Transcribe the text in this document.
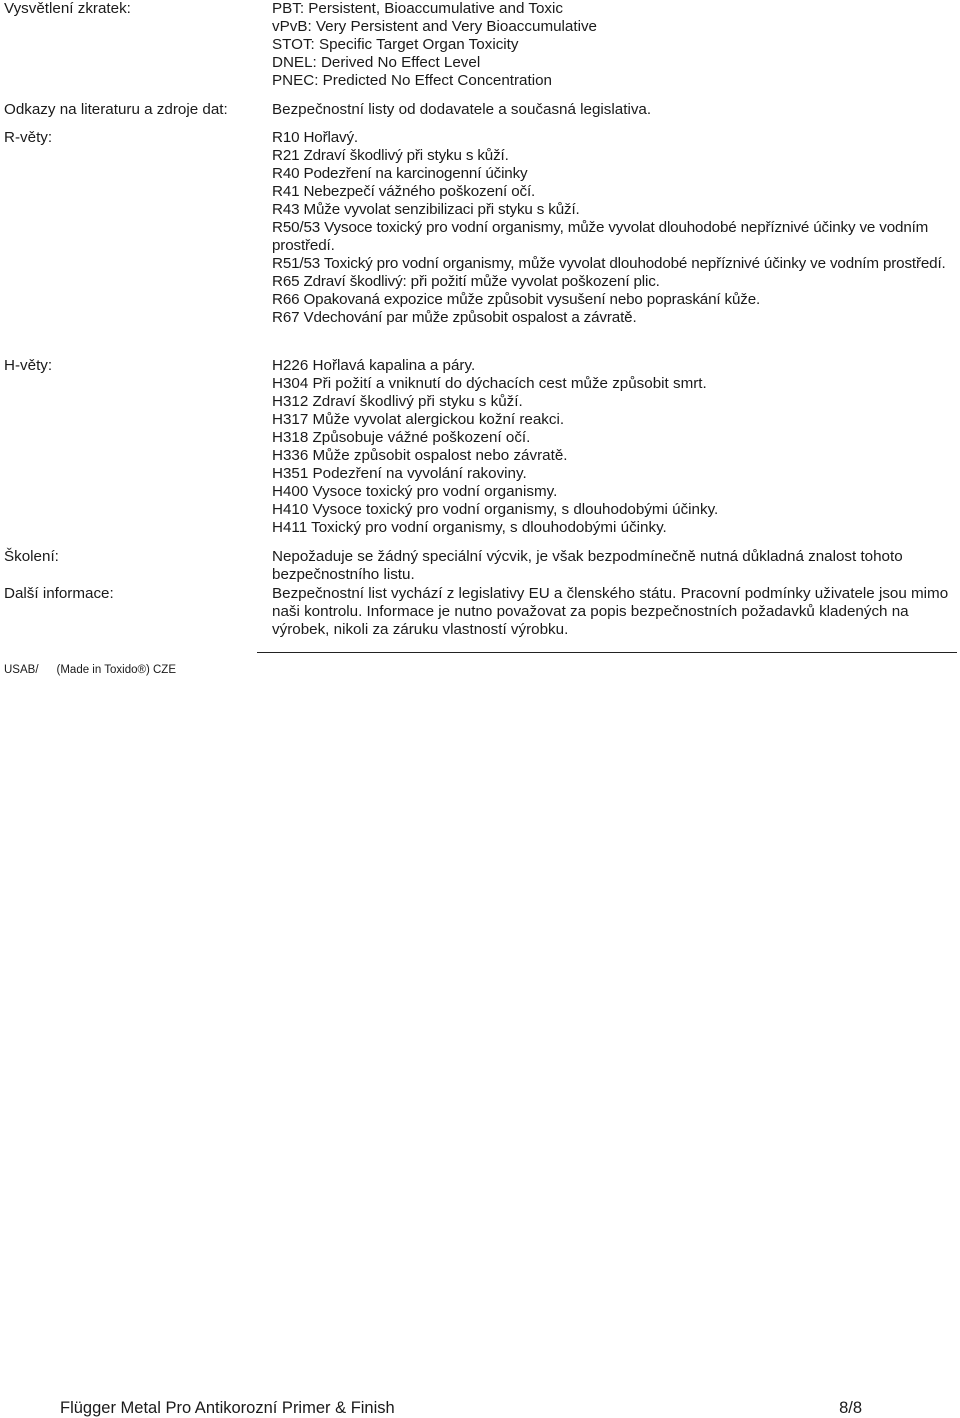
Vysvětlení zkratek:	PBT: Persistent, Bioaccumulative and Toxic
vPvB: Very Persistent and Very Bioaccumulative
STOT: Specific Target Organ Toxicity
DNEL: Derived No Effect Level
PNEC: Predicted No Effect Concentration
Odkazy na literaturu a zdroje dat:	Bezpečnostní listy od dodavatele a současná legislativa.
R-věty:	R10 Hořlavý.
R21 Zdraví škodlivý při styku s kůží.
R40 Podezření na karcinogenní účinky
R41 Nebezpečí vážného poškození očí.
R43 Může vyvolat senzibilizaci při styku s kůží.
R50/53 Vysoce toxický pro vodní organismy, může vyvolat dlouhodobé nepříznivé účinky ve vodním prostředí.
R51/53 Toxický pro vodní organismy, může vyvolat dlouhodobé nepříznivé účinky ve vodním prostředí.
R65 Zdraví škodlivý: při požití může vyvolat poškození plic.
R66 Opakovaná expozice může způsobit vysušení nebo popraskání kůže.
R67 Vdechování par může způsobit ospalost a závratě.
H-věty:	H226 Hořlavá kapalina a páry.
H304 Při požití a vniknutí do dýchacích cest může způsobit smrt.
H312 Zdraví škodlivý při styku s kůží.
H317 Může vyvolat alergickou kožní reakci.
H318 Způsobuje vážné poškození očí.
H336 Může způsobit ospalost nebo závratě.
H351 Podezření na vyvolání rakoviny.
H400 Vysoce toxický pro vodní organismy.
H410 Vysoce toxický pro vodní organismy, s dlouhodobými účinky.
H411 Toxický pro vodní organismy, s dlouhodobými účinky.
Školení:	Nepožaduje se žádný speciální výcvik, je však bezpodmínečně nutná důkladná znalost tohoto bezpečnostního listu.
Další informace:	Bezpečnostní list vychází z legislativy EU a členského státu. Pracovní podmínky uživatele jsou mimo naši kontrolu. Informace je nutno považovat za popis bezpečnostních požadavků kladených na výrobek, nikoli za záruku vlastností výrobku.
USAB/ (Made in Toxido®) CZE
Flügger Metal Pro Antikorozní Primer & Finish	8/8
